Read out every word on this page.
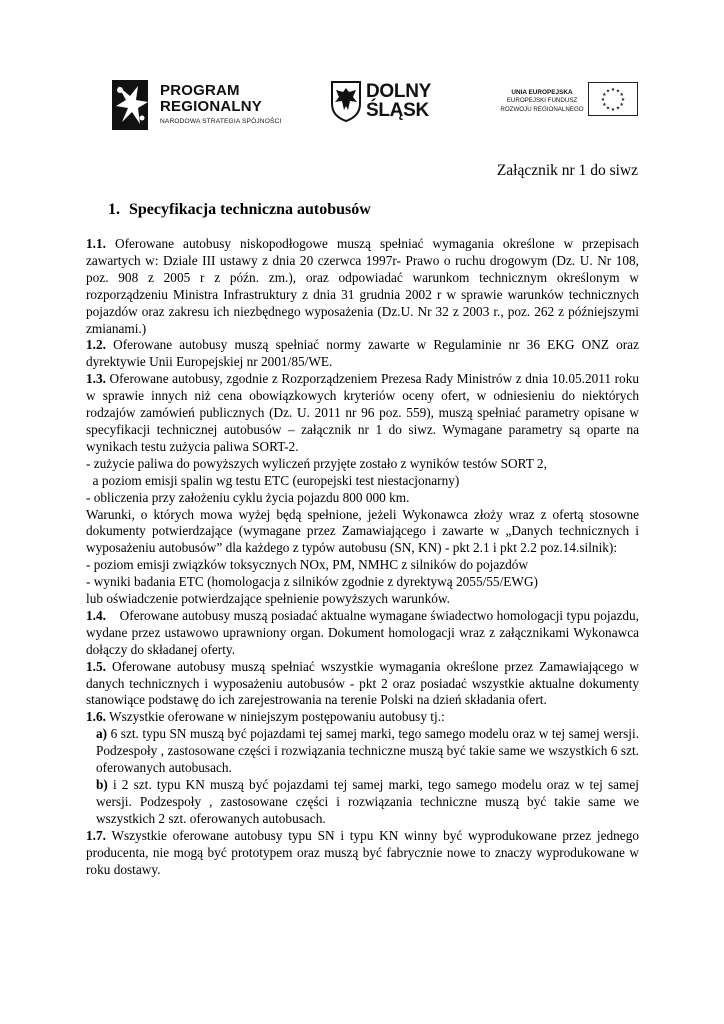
PROGRAM
REGIONALNY
NARODOWA STRATEGIA SPÓJNOŚCI
DOLNY
ŚLĄSK
UNIA EUROPEJSKA
EUROPEJSKI FUNDUSZ
ROZWOJU REGIONALNEGO
★
★
★
★
★
★
★
★
★ ★ ★
★
Załącznik nr 1 do siwz
1. Specyfikacja techniczna autobusów

1.1. Oferowane autobusy niskopodłogowe muszą spełniać wymagania określone w przepisach zawartych w: Dziale III ustawy z dnia 20 czerwca 1997r- Prawo o ruchu drogowym (Dz. U. Nr 108, poz. 908 z 2005 r z późn. zm.), oraz odpowiadać warunkom technicznym określonym w rozporządzeniu Ministra Infrastruktury z dnia 31 grudnia 2002 r w sprawie warunków technicznych pojazdów oraz zakresu ich niezbędnego wyposażenia (Dz.U. Nr 32 z 2003 r., poz. 262 z późniejszymi zmianami.)

1.2. Oferowane autobusy muszą spełniać normy zawarte w Regulaminie nr 36 EKG ONZ oraz dyrektywie Unii Europejskiej nr 2001/85/WE.

1.3. Oferowane autobusy, zgodnie z Rozporządzeniem Prezesa Rady Ministrów z dnia 10.05.2011 roku w sprawie innych niż cena obowiązkowych kryteriów oceny ofert, w odniesieniu do niektórych rodzajów zamówień publicznych (Dz. U. 2011 nr 96 poz. 559), muszą spełniać parametry opisane w specyfikacji technicznej autobusów – załącznik nr 1 do siwz. Wymagane parametry są oparte na wynikach testu zużycia paliwa SORT-2.

- zużycie paliwa do powyższych wyliczeń przyjęte zostało z wyników testów SORT 2,

a poziom emisji spalin wg testu ETC (europejski test niestacjonarny)

- obliczenia przy założeniu cyklu życia pojazdu 800 000 km.

Warunki, o których mowa wyżej będą spełnione, jeżeli Wykonawca złoży wraz z ofertą stosowne dokumenty potwierdzające (wymagane przez Zamawiającego i zawarte w „Danych technicznych i wyposażeniu autobusów” dla każdego z typów autobusu (SN, KN) - pkt 2.1 i pkt 2.2 poz.14.silnik):

- poziom emisji związków toksycznych NOx, PM, NMHC z silników do pojazdów

- wyniki badania ETC (homologacja z silników zgodnie z dyrektywą 2055/55/EWG)

lub oświadczenie potwierdzające spełnienie powyższych warunków.

1.4.    Oferowane autobusy muszą posiadać aktualne wymagane świadectwo homologacji typu pojazdu, wydane przez ustawowo uprawniony organ. Dokument homologacji wraz z załącznikami Wykonawca dołączy do składanej oferty.

1.5. Oferowane autobusy muszą spełniać wszystkie wymagania określone przez Zamawiającego w danych technicznych i wyposażeniu autobusów - pkt 2 oraz posiadać wszystkie aktualne dokumenty stanowiące podstawę do ich zarejestrowania na terenie Polski na dzień składania ofert.

1.6. Wszystkie oferowane w niniejszym postępowaniu autobusy tj.:

a) 6 szt. typu SN muszą być pojazdami tej samej marki, tego samego modelu oraz w tej samej wersji. Podzespoły , zastosowane części i rozwiązania techniczne muszą być takie same we wszystkich 6 szt. oferowanych autobusach.

b) i 2 szt. typu KN muszą być pojazdami tej samej marki, tego samego modelu oraz w tej samej wersji. Podzespoły , zastosowane części i rozwiązania techniczne muszą być takie same we wszystkich 2 szt. oferowanych autobusach.

1.7. Wszystkie oferowane autobusy typu SN i typu KN winny być wyprodukowane przez jednego producenta, nie mogą być prototypem oraz muszą być fabrycznie nowe to znaczy wyprodukowane w roku dostawy.
